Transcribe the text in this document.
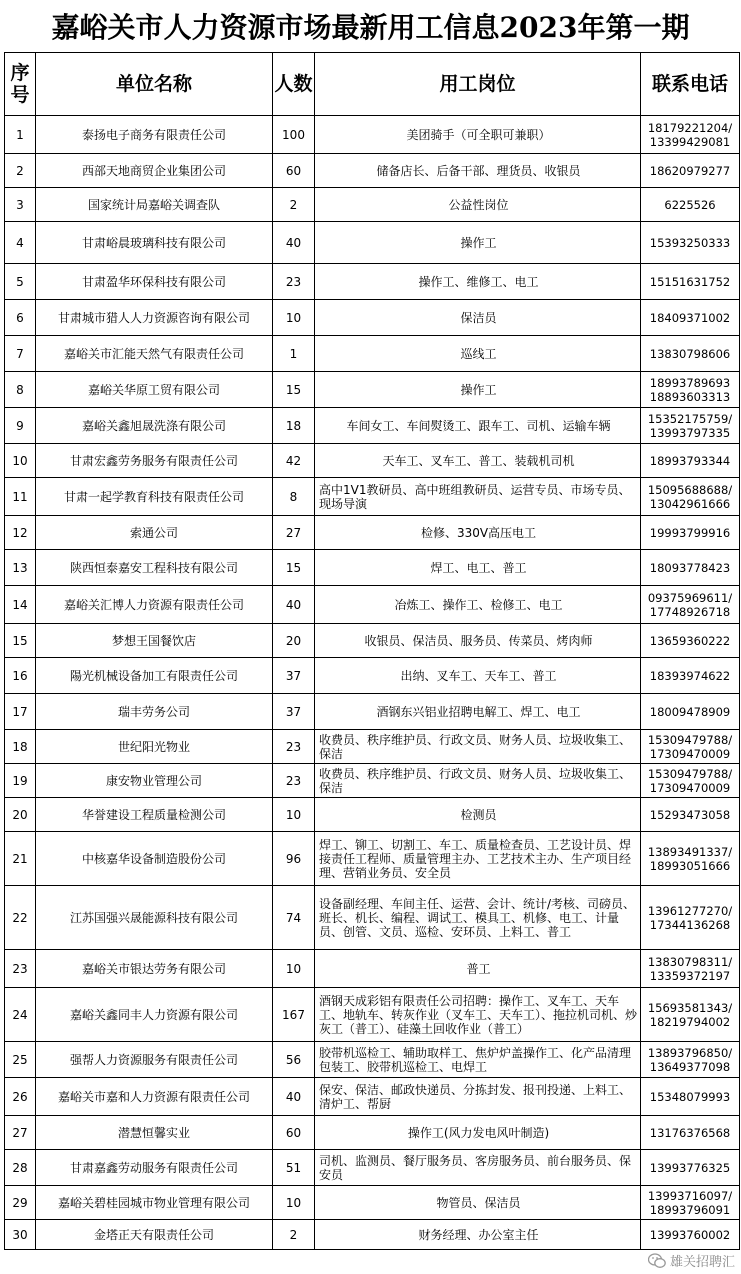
嘉峪关市人力资源市场最新用工信息2023年第一期
序号	单位名称	人数	用工岗位	联系电话
1	泰扬电子商务有限责任公司	100	美团骑手（可全职可兼职）	18179221204/ 13399429081
2	西部天地商贸企业集团公司	60	储备店长、后备干部、理货员、收银员	18620979277
3	国家统计局嘉峪关调查队	2	公益性岗位	6225526
4	甘肃峪晨玻璃科技有限公司	40	操作工	15393250333
5	甘肃盈华环保科技有限公司	23	操作工、维修工、电工	15151631752
6	甘肃城市猎人人力资源咨询有限公司	10	保洁员	18409371002
7	嘉峪关市汇能天然气有限责任公司	1	巡线工	13830798606
8	嘉峪关华原工贸有限公司	15	操作工	18993789693 18893603313
9	嘉峪关鑫旭晟洗涤有限公司	18	车间女工、车间熨烫工、跟车工、司机、运输车辆	15352175759/ 13993797335
10	甘肃宏鑫劳务服务有限责任公司	42	天车工、叉车工、普工、装载机司机	18993793344
11	甘肃一起学教育科技有限责任公司	8	高中1V1教研员、高中班组教研员、运营专员、市场专员、现场导演	15095688688/ 13042961666
12	索通公司	27	检修、330V高压电工	19993799916
13	陕西恒泰嘉安工程科技有限公司	15	焊工、电工、普工	18093778423
14	嘉峪关汇博人力资源有限责任公司	40	冶炼工、操作工、检修工、电工	09375969611/ 17748926718
15	梦想王国餐饮店	20	收银员、保洁员、服务员、传菜员、烤肉师	13659360222
16	陽光机械设备加工有限责任公司	37	出纳、叉车工、天车工、普工	18393974622
17	瑞丰劳务公司	37	酒钢东兴铝业招聘电解工、焊工、电工	18009478909
18	世纪阳光物业	23	收费员、秩序维护员、行政文员、财务人员、垃圾收集工、保洁	15309479788/ 17309470009
19	康安物业管理公司	23	收费员、秩序维护员、行政文员、财务人员、垃圾收集工、保洁	15309479788/ 17309470009
20	华誉建设工程质量检测公司	10	检测员	15293473058
21	中核嘉华设备制造股份公司	96	焊工、铆工、切割工、车工、质量检查员、工艺设计员、焊接责任工程师、质量管理主办、工艺技术主办、生产项目经理、营销业务员、安全员	13893491337/ 18993051666
22	江苏国强兴晟能源科技有限公司	74	设备副经理、车间主任、运营、会计、统计/考核、司磅员、班长、机长、编程、调试工、模具工、机修、电工、计量员、创管、文员、巡检、安环员、上料工、普工	13961277270/ 17344136268
23	嘉峪关市银达劳务有限公司	10	普工	13830798311/ 13359372197
24	嘉峪关鑫同丰人力资源有限公司	167	酒钢天成彩铝有限责任公司招聘：操作工、叉车工、天车工、地轨车、转灰作业（叉车工、天车工）、拖拉机司机、炒灰工（普工）、硅藻土回收作业（普工）	15693581343/ 18219794002
25	强帮人力资源服务有限责任公司	56	胶带机巡检工、辅助取样工、焦炉炉盖操作工、化产品清理包装工、胶带机巡检工、电焊工	13893796850/ 13649377098
26	嘉峪关市嘉和人力资源有限责任公司	40	保安、保洁、邮政快递员、分拣封发、报刊投递、上料工、清炉工、帮厨	15348079993
27	潜慧恒馨实业	60	操作工(风力发电风叶制造)	13176376568
28	甘肃嘉鑫劳动服务有限责任公司	51	司机、监测员、餐厅服务员、客房服务员、前台服务员、保安员	13993776325
29	嘉峪关碧桂园城市物业管理有限公司	10	物管员、保洁员	13993716097/ 18993796091
30	金塔正天有限责任公司	2	财务经理、办公室主任	13993760002
雄关招聘汇
